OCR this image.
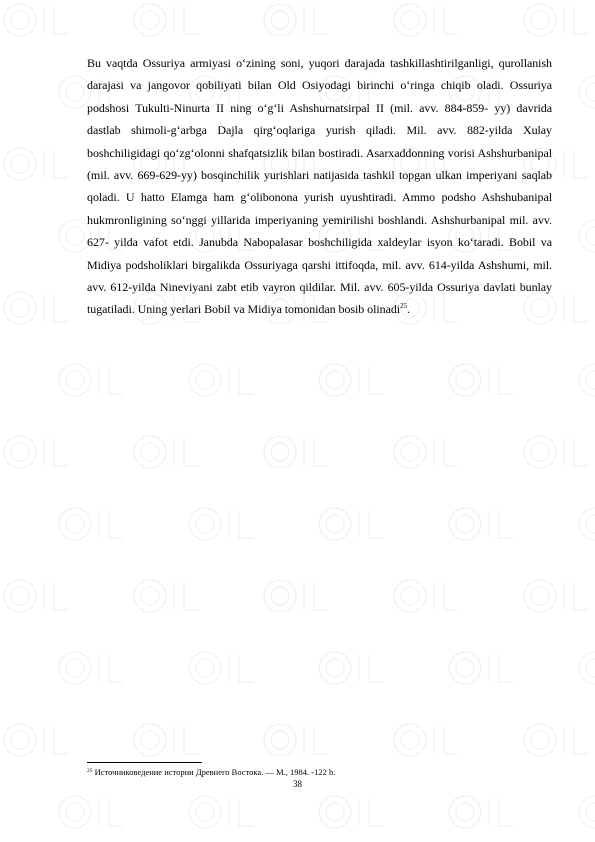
Bu vaqtda Ossuriya armiyasi o‘zining soni, yuqori darajada tashkillashtirilganligi, qurollanish darajasi va jangovor qobiliyati bilan Old Osiyodagi birinchi o‘ringa chiqib oladi. Ossuriya podshosi Tukulti-Ninurta II ning o‘g‘li Ashshurnatsirpal II (mil. avv. 884-859- yy) davrida dastlab shimoli-g‘arbga Dajla qirg‘oqlariga yurish qiladi. Mil. avv. 882-yilda Xulay boshchiligidagi qo‘zg‘olonni shafqatsizlik bilan bostiradi. Asarxaddonning vorisi Ashshurbanipal (mil. avv. 669-629-yy) bosqinchilik yurishlari natijasida tashkil topgan ulkan imperiyani saqlab qoladi. U hatto Elamga ham g‘olibonona yurish uyushtiradi. Ammo podsho Ashshubanipal hukmronligining so‘nggi yillarida imperiyaning yemirilishi boshlandi. Ashshurbanipal mil. avv. 627- yilda vafot etdi. Janubda Nabopalasar boshchiligida xaldeylar isyon ko‘taradi. Bobil va Midiya podsholiklari birgalikda Ossuriyaga qarshi ittifoqda, mil. avv. 614-yilda Ashshumi, mil. avv. 612-yilda Nineviyani zabt etib vayron qildilar. Mil. avv. 605-yilda Ossuriya davlati bunlay tugatiladi. Uning yerlari Bobil va Midiya tomonidan bosib olinadi$^{25}$.

$^{25}$ Источниковедение истории Древнего Востока. — М., 1984. -122 b.
38
